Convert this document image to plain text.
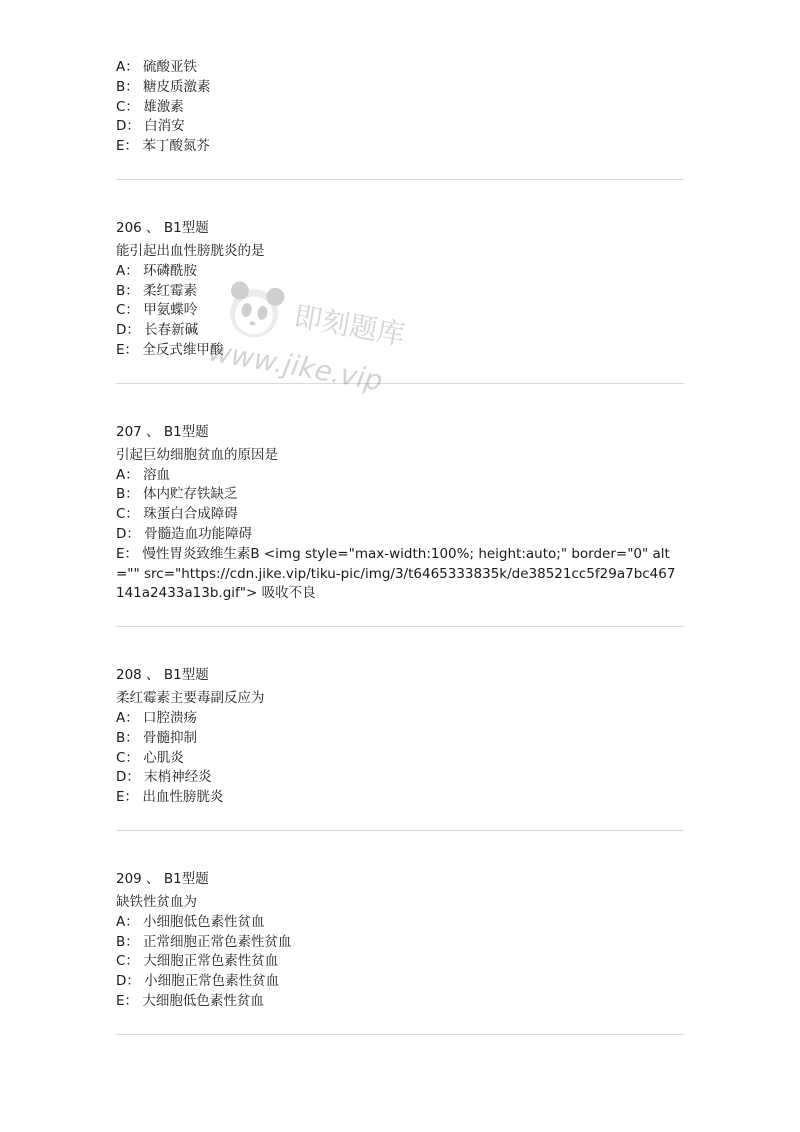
A： 硫酸亚铁

B： 糖皮质激素

C： 雄激素

D： 白消安

E： 苯丁酸氮芥

206 、 B1型题

能引起出血性膀胱炎的是

A： 环磷酰胺

B： 柔红霉素

C： 甲氨蝶呤

D： 长春新碱

E： 全反式维甲酸

207 、 B1型题

引起巨幼细胞贫血的原因是

A： 溶血

B： 体内贮存铁缺乏

C： 珠蛋白合成障碍

D： 骨髓造血功能障碍

E： 慢性胃炎致维生素B <img style="max-width:100%; height:auto;" border="0" alt="" src="https://cdn.jike.vip/tiku-pic/img/3/t6465333835k/de38521cc5f29a7bc467141a2433a13b.gif"> 吸收不良

208 、 B1型题

柔红霉素主要毒副反应为

A： 口腔溃疡

B： 骨髓抑制

C： 心肌炎

D： 末梢神经炎

E： 出血性膀胱炎

209 、 B1型题

缺铁性贫血为

A： 小细胞低色素性贫血

B： 正常细胞正常色素性贫血

C： 大细胞正常色素性贫血

D： 小细胞正常色素性贫血

E： 大细胞低色素性贫血

即刻题库
www.jike.vip
